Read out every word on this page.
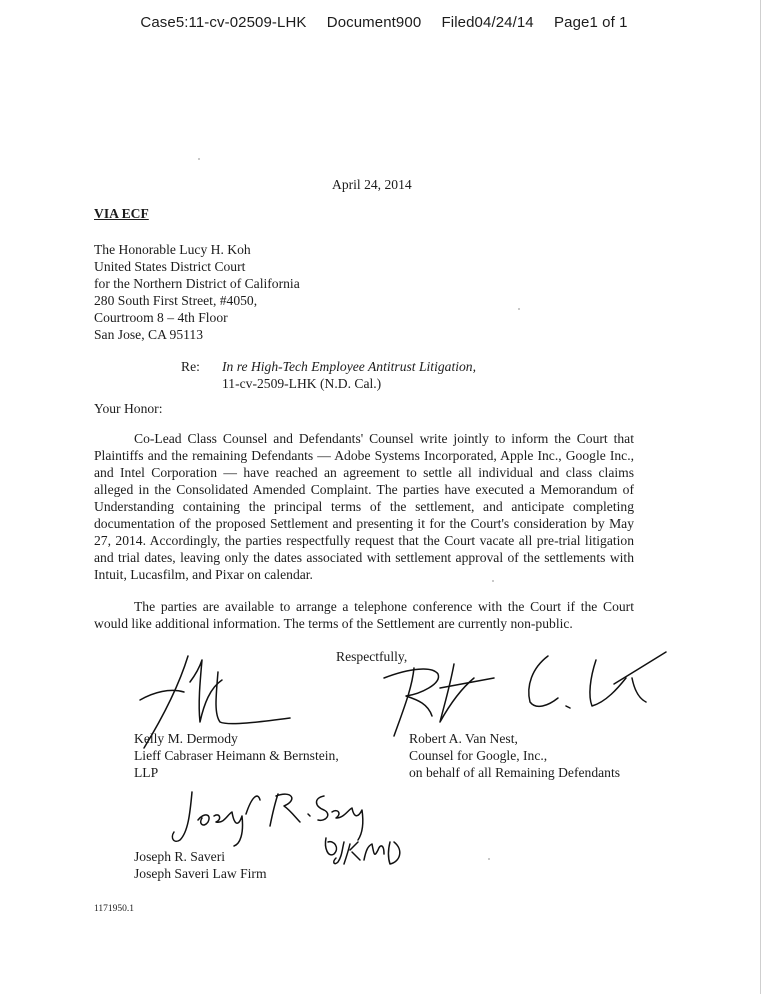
Case5:11-cv-02509-LHK Document900 Filed04/24/14 Page1 of 1
April 24, 2014
VIA ECF
The Honorable Lucy H. Koh
United States District Court
for the Northern District of California
280 South First Street, #4050,
Courtroom 8 – 4th Floor
San Jose, CA 95113
Re: In re High-Tech Employee Antitrust Litigation,
11-cv-2509-LHK (N.D. Cal.)
Your Honor:

Co-Lead Class Counsel and Defendants' Counsel write jointly to inform the Court that Plaintiffs and the remaining Defendants — Adobe Systems Incorporated, Apple Inc., Google Inc., and Intel Corporation — have reached an agreement to settle all individual and class claims alleged in the Consolidated Amended Complaint. The parties have executed a Memorandum of Understanding containing the principal terms of the settlement, and anticipate completing documentation of the proposed Settlement and presenting it for the Court's consideration by May 27, 2014. Accordingly, the parties respectfully request that the Court vacate all pre-trial litigation and trial dates, leaving only the dates associated with settlement approval of the settlements with Intuit, Lucasfilm, and Pixar on calendar.

The parties are available to arrange a telephone conference with the Court if the Court would like additional information. The terms of the Settlement are currently non-public.

Respectfully,
Kelly M. Dermody
Lieff Cabraser Heimann & Bernstein,
LLP
Robert A. Van Nest,
Counsel for Google, Inc.,
on behalf of all Remaining Defendants
Joseph R. Saveri
Joseph Saveri Law Firm
1171950.1
